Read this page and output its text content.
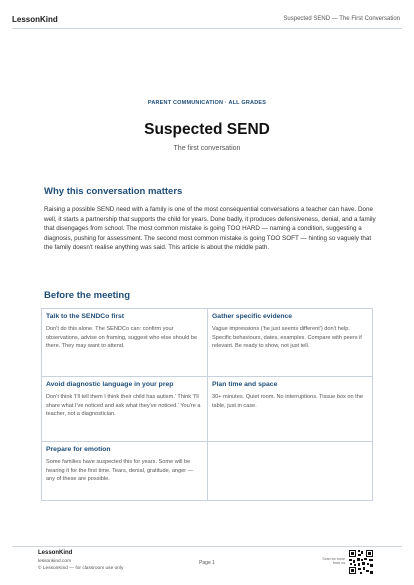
LessonKind	Suspected SEND — The First Conversation
PARENT COMMUNICATION · ALL GRADES
Suspected SEND
The first conversation
Why this conversation matters
Raising a possible SEND need with a family is one of the most consequential conversations a teacher can have. Done well, it starts a partnership that supports the child for years. Done badly, it produces defensiveness, denial, and a family that disengages from school. The most common mistake is going TOO HARD — naming a condition, suggesting a diagnosis, pushing for assessment. The second most common mistake is going TOO SOFT — hinting so vaguely that the family doesn't realise anything was said. This article is about the middle path.
Before the meeting
Talk to the SENDCo first
Don't do this alone. The SENDCo can: confirm your observations, advise on framing, suggest who else should be there. They may want to attend.
Gather specific evidence
Vague impressions ('he just seems different') don't help. Specific behaviours, dates, examples. Compare with peers if relevant. Be ready to show, not just tell.
Avoid diagnostic language in your prep
Don't think 'I'll tell them I think their child has autism.' Think 'I'll share what I've noticed and ask what they've noticed.' You're a teacher, not a diagnostician.
Plan time and space
30+ minutes. Quiet room. No interruptions. Tissue box on the table, just in case.
Prepare for emotion
Some families have suspected this for years. Some will be hearing it for the first time. Tears, denial, gratitude, anger — any of these are possible.
LessonKind
lessonkind.com
© LessonKind — for classroom use only
Page 1
Scan for more from us
